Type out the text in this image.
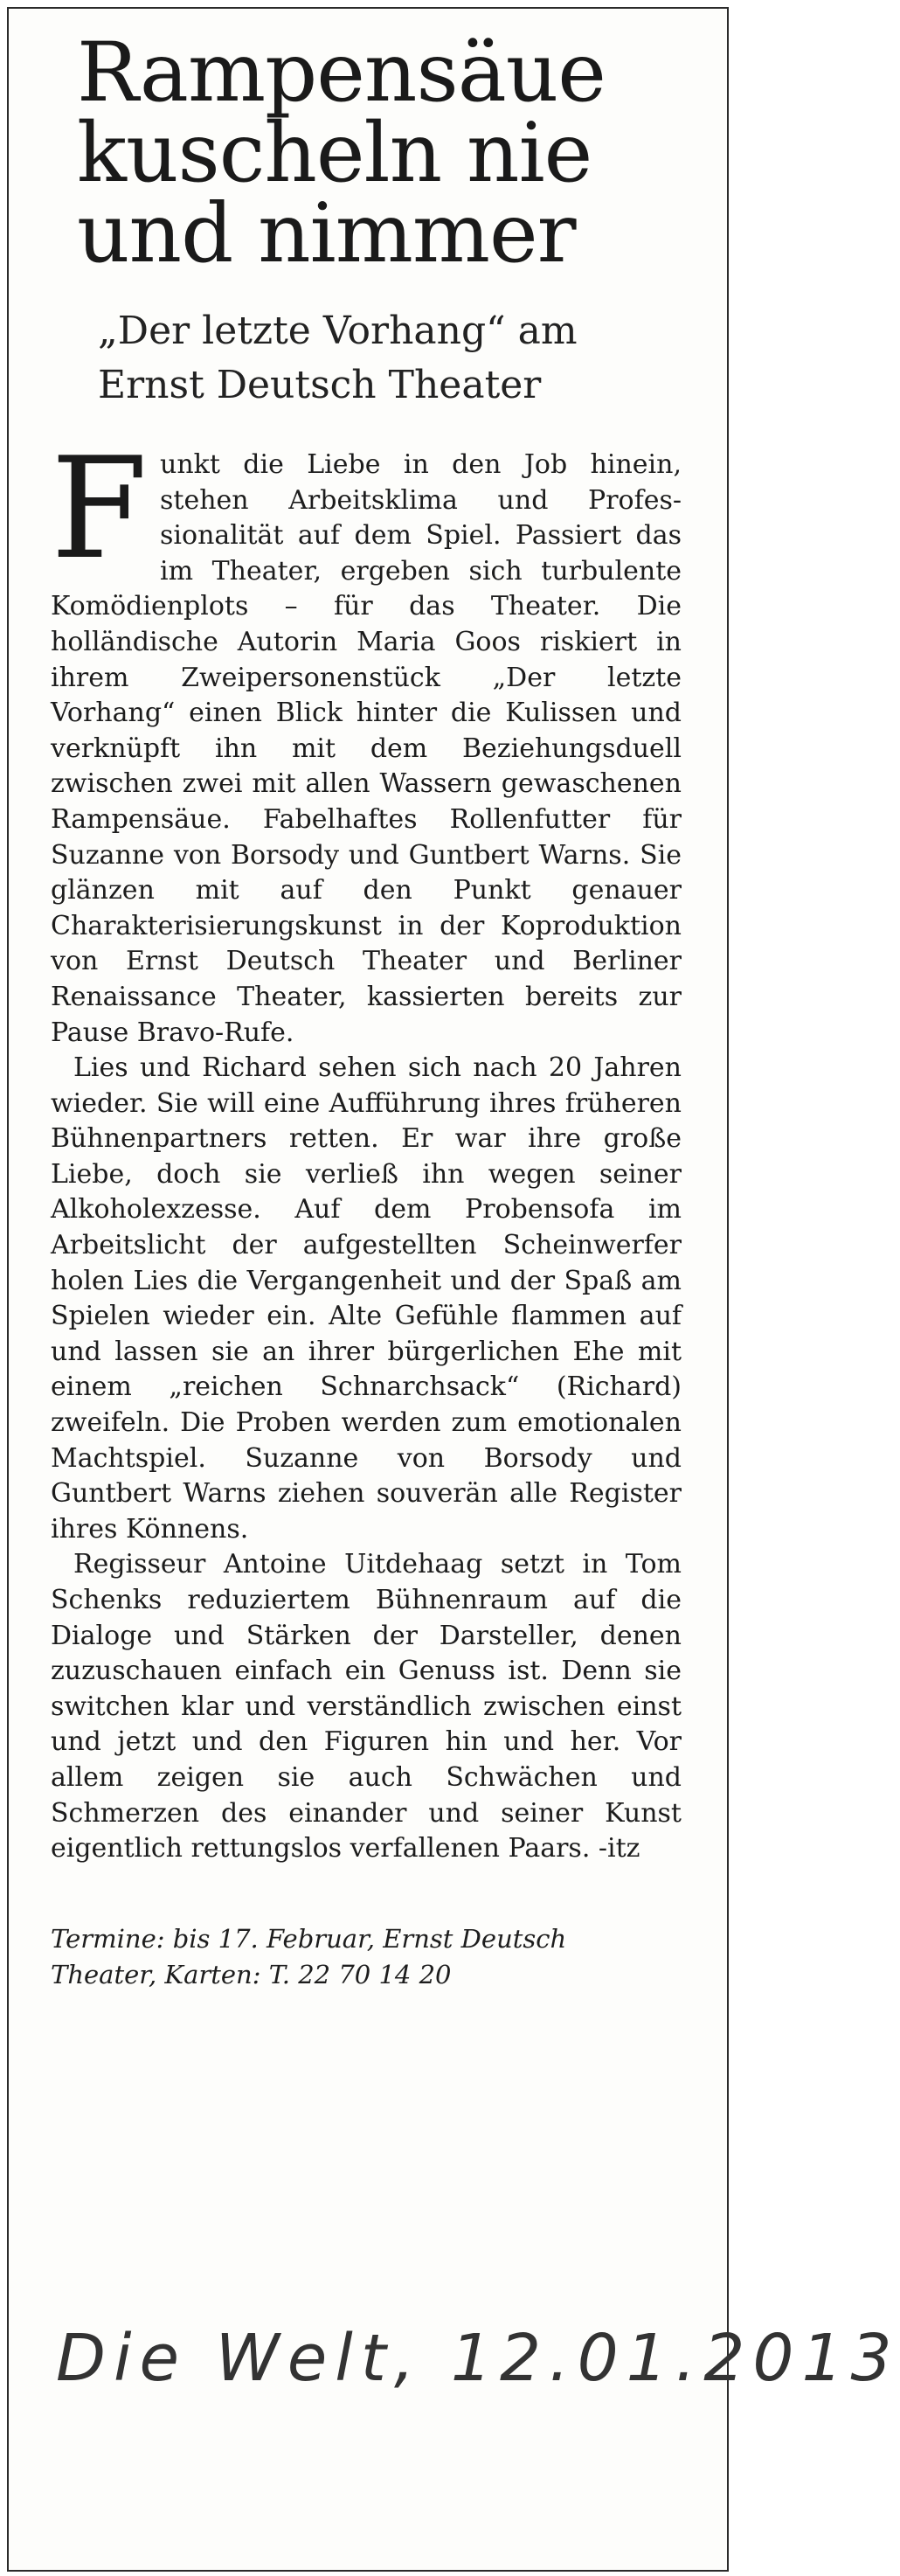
Rampensäue
kuscheln nie
und nimmer
„Der letzte Vorhang“ am
Ernst Deutsch Theater

Funkt die Liebe in den Job hinein, stehen Arbeitsklima und Professionalität auf dem Spiel. Passiert das im Theater, ergeben sich turbulente Komödienplots – für das Theater. Die holländische Autorin Maria Goos riskiert in ihrem Zweipersonenstück „Der letzte Vorhang“ einen Blick hinter die Kulissen und verknüpft ihn mit dem Beziehungsduell zwischen zwei mit allen Wassern gewaschenen Rampensäue. Fabelhaftes Rollenfutter für Suzanne von Borsody und Guntbert Warns. Sie glänzen mit auf den Punkt genauer Charakterisierungskunst in der Koproduktion von Ernst Deutsch Theater und Berliner Renaissance Theater, kassierten bereits zur Pause Bravo-Rufe.

Lies und Richard sehen sich nach 20 Jahren wieder. Sie will eine Aufführung ihres früheren Bühnenpartners retten. Er war ihre große Liebe, doch sie verließ ihn wegen seiner Alkoholexzesse. Auf dem Probensofa im Arbeitslicht der aufgestellten Scheinwerfer holen Lies die Vergangenheit und der Spaß am Spielen wieder ein. Alte Gefühle flammen auf und lassen sie an ihrer bürgerlichen Ehe mit einem „reichen Schnarchsack“ (Richard) zweifeln. Die Proben werden zum emotionalen Machtspiel. Suzanne von Borsody und Guntbert Warns ziehen souverän alle Register ihres Könnens.

Regisseur Antoine Uitdehaag setzt in Tom Schenks reduziertem Bühnenraum auf die Dialoge und Stärken der Darsteller, denen zuzuschauen einfach ein Genuss ist. Denn sie switchen klar und verständlich zwischen einst und jetzt und den Figuren hin und her. Vor allem zeigen sie auch Schwächen und Schmerzen des einander und seiner Kunst eigentlich rettungslos verfallenen Paars. -itz

Termine: bis 17. Februar, Ernst Deutsch
Theater, Karten: T. 22 70 14 20
Die Welt, 12.01.2013
